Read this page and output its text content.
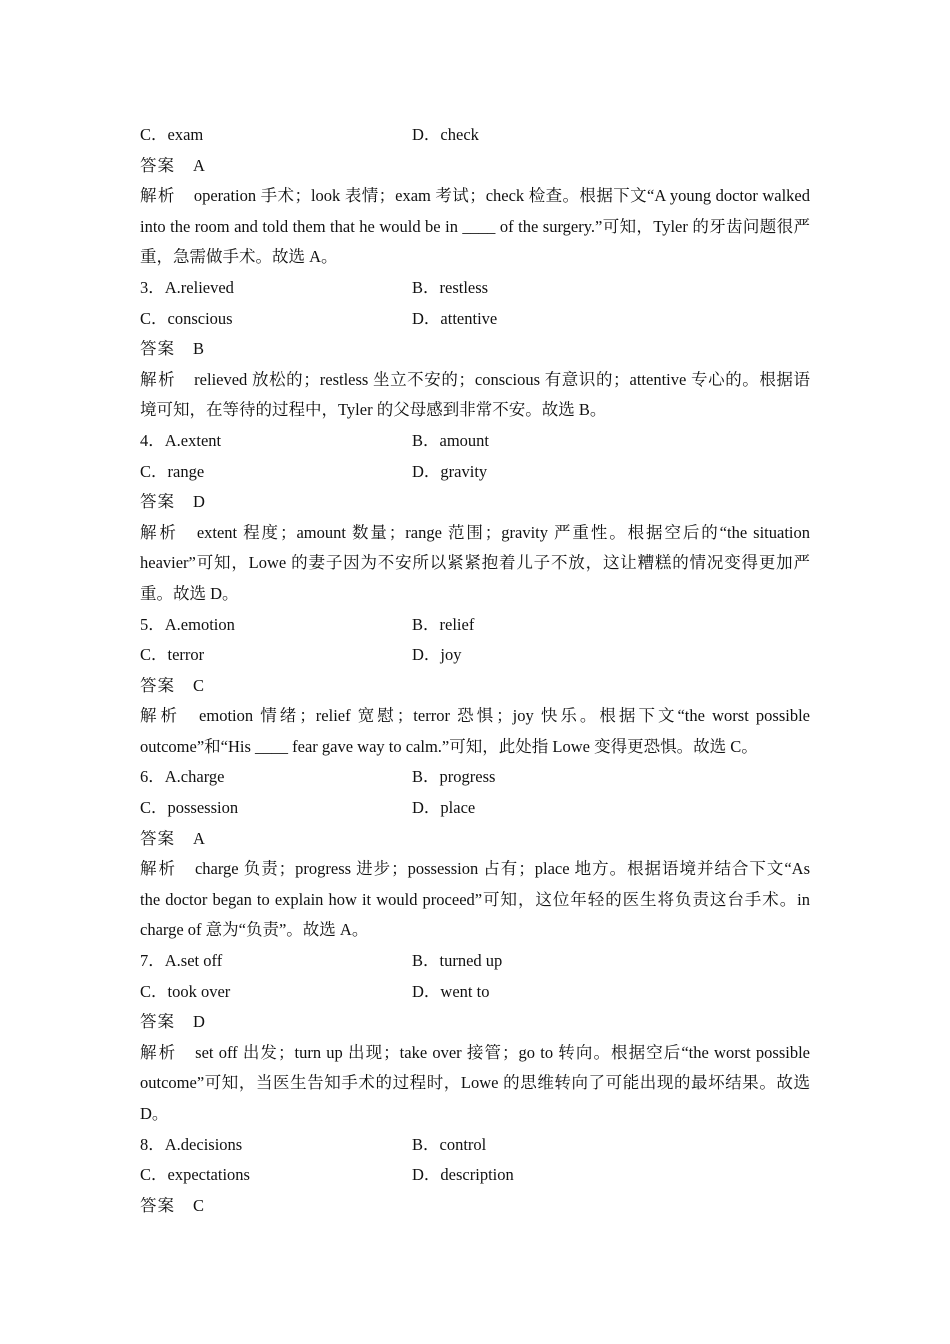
C．exam	D．check
答案 A
解析 operation 手术；look 表情；exam 考试；check 检查。根据下文“A young doctor walked into the room and told them that he would be in ____ of the surgery.”可知，Tyler 的牙齿问题很严重，急需做手术。故选 A。
3．A.relieved	B．restless
C．conscious	D．attentive
答案 B
解析 relieved 放松的；restless 坐立不安的；conscious 有意识的；attentive 专心的。根据语境可知，在等待的过程中，Tyler 的父母感到非常不安。故选 B。
4．A.extent	B．amount
C．range	D．gravity
答案 D
解析 extent 程度；amount 数量；range 范围；gravity 严重性。根据空后的“the situation heavier”可知，Lowe 的妻子因为不安所以紧紧抱着儿子不放，这让糟糕的情况变得更加严重。故选 D。
5．A.emotion	B．relief
C．terror	D．joy
答案 C
解析 emotion 情绪；relief 宽慰；terror 恐惧；joy 快乐。根据下文“the worst possible outcome”和“His ____ fear gave way to calm.”可知，此处指 Lowe 变得更恐惧。故选 C。
6．A.charge	B．progress
C．possession	D．place
答案 A
解析 charge 负责；progress 进步；possession 占有；place 地方。根据语境并结合下文“As the doctor began to explain how it would proceed”可知，这位年轻的医生将负责这台手术。in charge of 意为“负责”。故选 A。
7．A.set off	B．turned up
C．took over	D．went to
答案 D
解析 set off 出发；turn up 出现；take over 接管；go to 转向。根据空后“the worst possible outcome”可知，当医生告知手术的过程时，Lowe 的思维转向了可能出现的最坏结果。故选 D。
8．A.decisions	B．control
C．expectations	D．description
答案 C
